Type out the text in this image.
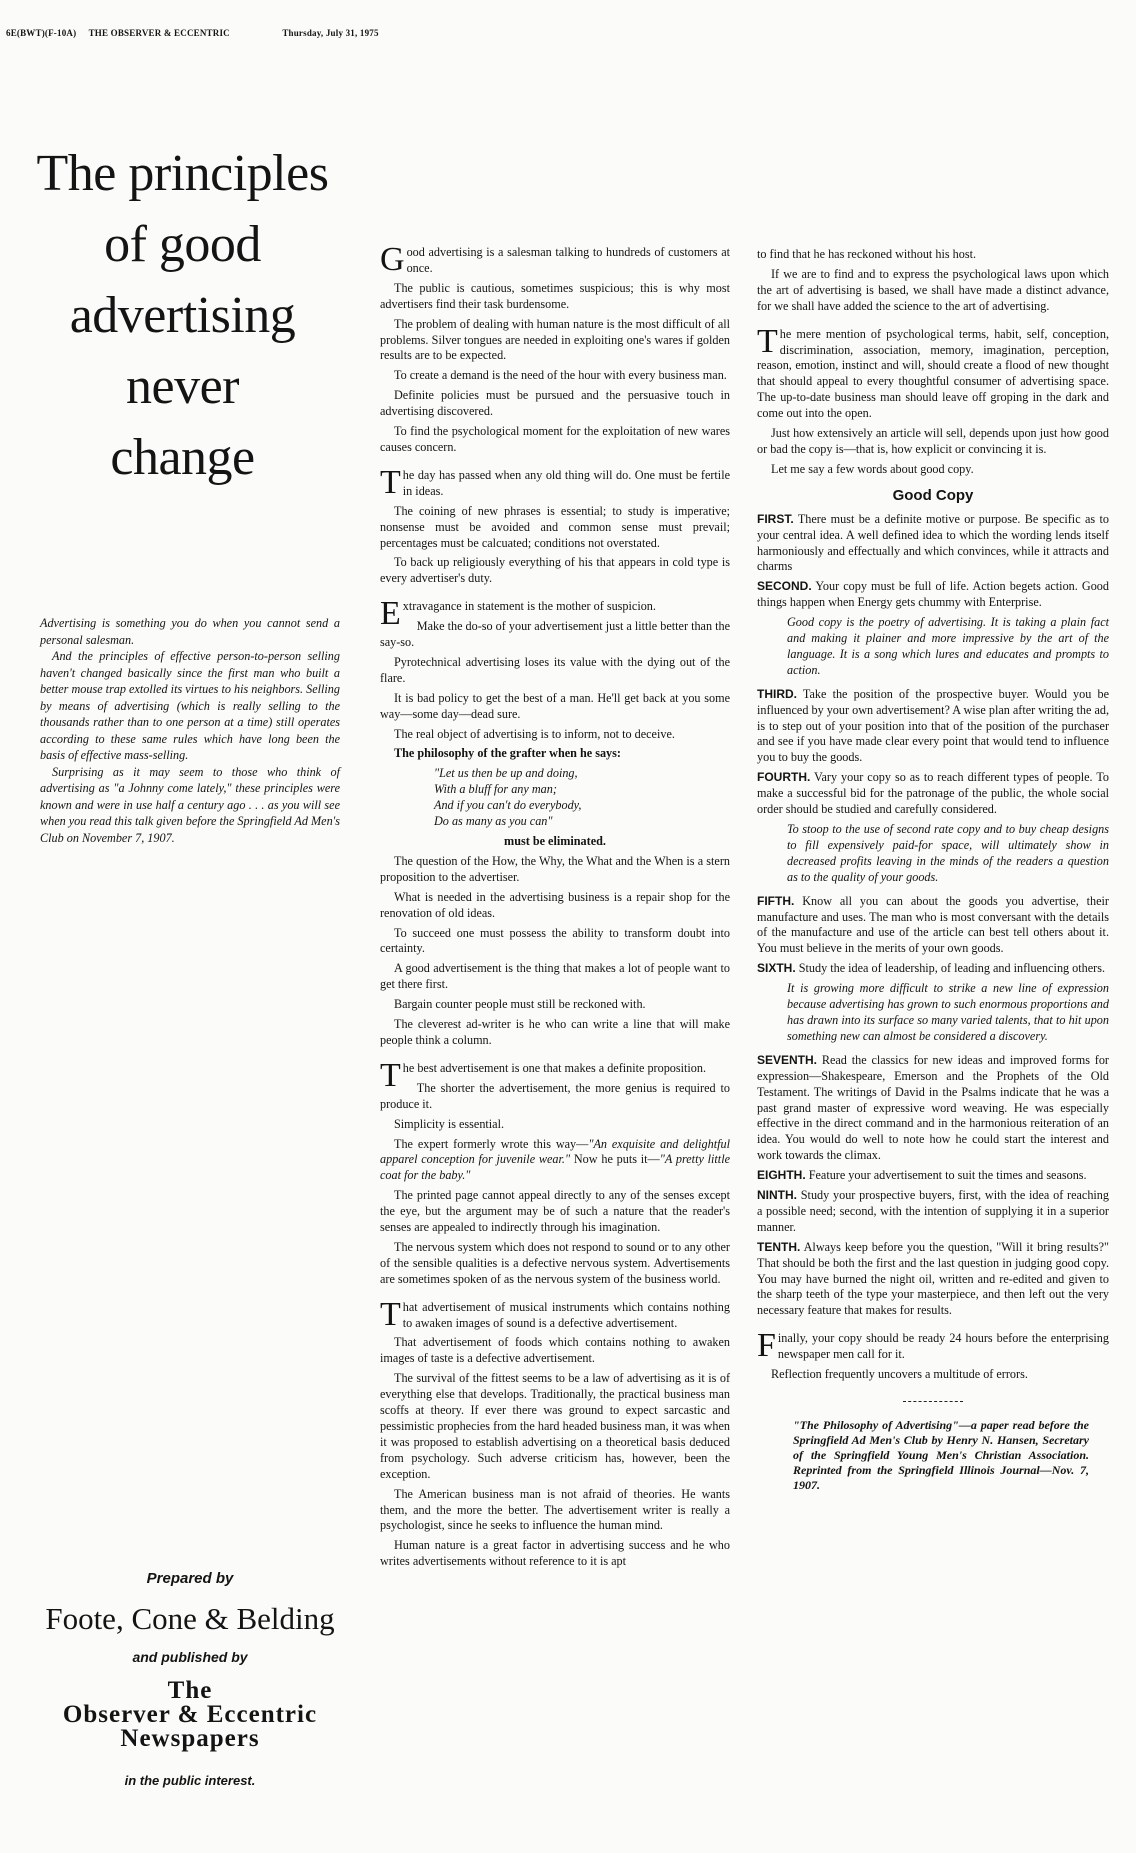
6E(BWT)(F-10A) THE OBSERVER & ECCENTRIC	Thursday, July 31, 1975
The principles
of good
advertising
never
change

Advertising is something you do when you cannot send a personal salesman.

And the principles of effective person-to-person selling haven't changed basically since the first man who built a better mouse trap extolled its virtues to his neighbors. Selling by means of advertising (which is really selling to the thousands rather than to one person at a time) still operates according to these same rules which have long been the basis of effective mass-selling.

Surprising as it may seem to those who think of advertising as "a Johnny come lately," these principles were known and were in use half a century ago . . . as you will see when you read this talk given before the Springfield Ad Men's Club on November 7, 1907.

Prepared by
Foote, Cone & Belding
and published by
The
Observer & Eccentric
Newspapers
in the public interest.

Good advertising is a salesman talking to hundreds of customers at once.

The public is cautious, sometimes suspicious; this is why most advertisers find their task burdensome.

The problem of dealing with human nature is the most difficult of all problems. Silver tongues are needed in exploiting one's wares if golden results are to be expected.

To create a demand is the need of the hour with every business man.

Definite policies must be pursued and the persuasive touch in advertising discovered.

To find the psychological moment for the exploitation of new wares causes concern.

The day has passed when any old thing will do. One must be fertile in ideas.

The coining of new phrases is essential; to study is imperative; nonsense must be avoided and common sense must prevail; percentages must be calcuated; conditions not overstated.

To back up religiously everything of his that appears in cold type is every advertiser's duty.

Extravagance in statement is the mother of suspicion.

Make the do-so of your advertisement just a little better than the say-so.

Pyrotechnical advertising loses its value with the dying out of the flare.

It is bad policy to get the best of a man. He'll get back at you some way—some day—dead sure.

The real object of advertising is to inform, not to deceive.

The philosophy of the grafter when he says:

"Let us then be up and doing,
With a bluff for any man;
And if you can't do everybody,
Do as many as you can"

must be eliminated.

The question of the How, the Why, the What and the When is a stern proposition to the advertiser.

What is needed in the advertising business is a repair shop for the renovation of old ideas.

To succeed one must possess the ability to transform doubt into certainty.

A good advertisement is the thing that makes a lot of people want to get there first.

Bargain counter people must still be reckoned with.

The cleverest ad-writer is he who can write a line that will make people think a column.

The best advertisement is one that makes a definite proposition.

The shorter the advertisement, the more genius is required to produce it.

Simplicity is essential.

The expert formerly wrote this way—"An exquisite and delightful apparel conception for juvenile wear." Now he puts it—"A pretty little coat for the baby."

The printed page cannot appeal directly to any of the senses except the eye, but the argument may be of such a nature that the reader's senses are appealed to indirectly through his imagination.

The nervous system which does not respond to sound or to any other of the sensible qualities is a defective nervous system. Advertisements are sometimes spoken of as the nervous system of the business world.

That advertisement of musical instruments which contains nothing to awaken images of sound is a defective advertisement.

That advertisement of foods which contains nothing to awaken images of taste is a defective advertisement.

The survival of the fittest seems to be a law of advertising as it is of everything else that develops. Traditionally, the practical business man scoffs at theory. If ever there was ground to expect sarcastic and pessimistic prophecies from the hard headed business man, it was when it was proposed to establish advertising on a theoretical basis deduced from psychology. Such adverse criticism has, however, been the exception.

The American business man is not afraid of theories. He wants them, and the more the better. The advertisement writer is really a psychologist, since he seeks to influence the human mind.

Human nature is a great factor in advertising success and he who writes advertisements without reference to it is apt

to find that he has reckoned without his host.

If we are to find and to express the psychological laws upon which the art of advertising is based, we shall have made a distinct advance, for we shall have added the science to the art of advertising.

The mere mention of psychological terms, habit, self, conception, discrimination, association, memory, imagination, perception, reason, emotion, instinct and will, should create a flood of new thought that should appeal to every thoughtful consumer of advertising space. The up-to-date business man should leave off groping in the dark and come out into the open.

Just how extensively an article will sell, depends upon just how good or bad the copy is—that is, how explicit or convincing it is.

Let me say a few words about good copy.

Good Copy

FIRST. There must be a definite motive or purpose. Be specific as to your central idea. A well defined idea to which the wording lends itself harmoniously and effectually and which convinces, while it attracts and charms

SECOND. Your copy must be full of life. Action begets action. Good things happen when Energy gets chummy with Enterprise.

Good copy is the poetry of advertising. It is taking a plain fact and making it plainer and more impressive by the art of the language. It is a song which lures and educates and prompts to action.

THIRD. Take the position of the prospective buyer. Would you be influenced by your own advertisement? A wise plan after writing the ad, is to step out of your position into that of the position of the purchaser and see if you have made clear every point that would tend to influence you to buy the goods.

FOURTH. Vary your copy so as to reach different types of people. To make a successful bid for the patronage of the public, the whole social order should be studied and carefully considered.

To stoop to the use of second rate copy and to buy cheap designs to fill expensively paid-for space, will ultimately show in decreased profits leaving in the minds of the readers a question as to the quality of your goods.

FIFTH. Know all you can about the goods you advertise, their manufacture and uses. The man who is most conversant with the details of the manufacture and use of the article can best tell others about it. You must believe in the merits of your own goods.

SIXTH. Study the idea of leadership, of leading and influencing others.

It is growing more difficult to strike a new line of expression because advertising has grown to such enormous proportions and has drawn into its surface so many varied talents, that to hit upon something new can almost be considered a discovery.

SEVENTH. Read the classics for new ideas and improved forms for expression—Shakespeare, Emerson and the Prophets of the Old Testament. The writings of David in the Psalms indicate that he was a past grand master of expressive word weaving. He was especially effective in the direct command and in the harmonious reiteration of an idea. You would do well to note how he could start the interest and work towards the climax.

EIGHTH. Feature your advertisement to suit the times and seasons.

NINTH. Study your prospective buyers, first, with the idea of reaching a possible need; second, with the intention of supplying it in a superior manner.

TENTH. Always keep before you the question, "Will it bring results?" That should be both the first and the last question in judging good copy. You may have burned the night oil, written and re-edited and given to the sharp teeth of the type your masterpiece, and then left out the very necessary feature that makes for results.

Finally, your copy should be ready 24 hours before the enterprising newspaper men call for it.

Reflection frequently uncovers a multitude of errors.

"The Philosophy of Advertising"—a paper read before the Springfield Ad Men's Club by Henry N. Hansen, Secretary of the Springfield Young Men's Christian Association. Reprinted from the Springfield Illinois Journal—Nov. 7, 1907.
